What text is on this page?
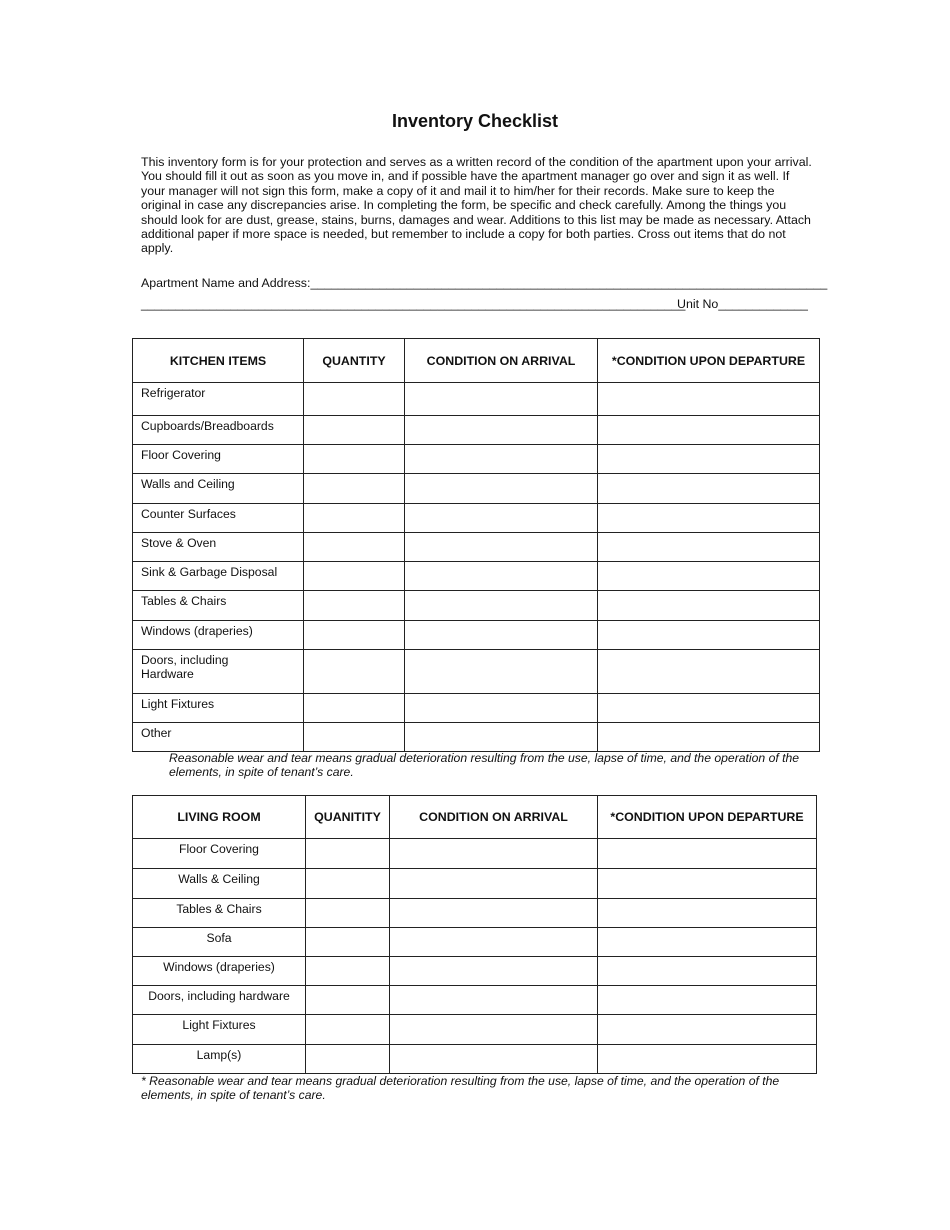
Inventory Checklist

This inventory form is for your protection and serves as a written record of the condition of the apartment upon your arrival. You should fill it out as soon as you move in, and if possible have the apartment manager go over and sign it as well. If your manager will not sign this form, make a copy of it and mail it to him/her for their records. Make sure to keep the original in case any discrepancies arise. In completing the form, be specific and check carefully. Among the things you should look for are dust, grease, stains, burns, damages and wear. Additions to this list may be made as necessary. Attach additional paper if more space is needed, but remember to include a copy for both parties. Cross out items that do not apply.

Apartment Name and Address:___________________________________________________________________________

_______________________________________________________________________________

Unit No_____________
KITCHEN ITEMS	QUANTITY	CONDITION ON ARRIVAL	*CONDITION UPON DEPARTURE
Refrigerator			
Cupboards/Breadboards			
Floor Covering			
Walls and Ceiling			
Counter Surfaces			
Stove & Oven			
Sink & Garbage Disposal			
Tables & Chairs			
Windows (draperies)			
Doors, including Hardware			
Light Fixtures			
Other			

Reasonable wear and tear means gradual deterioration resulting from the use, lapse of time, and the operation of the elements, in spite of tenant’s care.

LIVING ROOM	QUANITITY	CONDITION ON ARRIVAL	*CONDITION UPON DEPARTURE
Floor Covering			
Walls & Ceiling			
Tables & Chairs			
Sofa			
Windows (draperies)			
Doors, including hardware			
Light Fixtures			
Lamp(s)			

* Reasonable wear and tear means gradual deterioration resulting from the use, lapse of time, and the operation of the elements, in spite of tenant’s care.
